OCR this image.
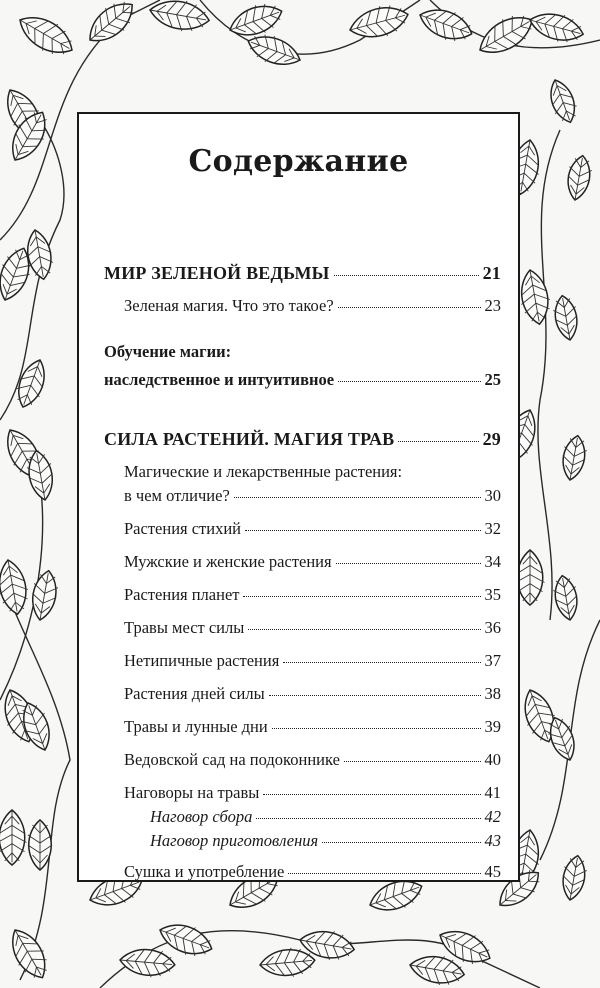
Содержание
МИР ЗЕЛЕНОЙ ВЕДЬМЫ	21
Зеленая магия. Что это такое?	23
Обучение магии:
наследственное и интуитивное	25
СИЛА РАСТЕНИЙ. МАГИЯ ТРАВ	29
Магические и лекарственные растения:
в чем отличие?	30
Растения стихий	32
Мужские и женские растения	34
Растения планет	35
Травы мест силы	36
Нетипичные растения	37
Растения дней силы	38
Травы и лунные дни	39
Ведовской сад на подоконнике	40
Наговоры на травы	41
Наговор сбора	42
Наговор приготовления	43
Сушка и употребление	45
